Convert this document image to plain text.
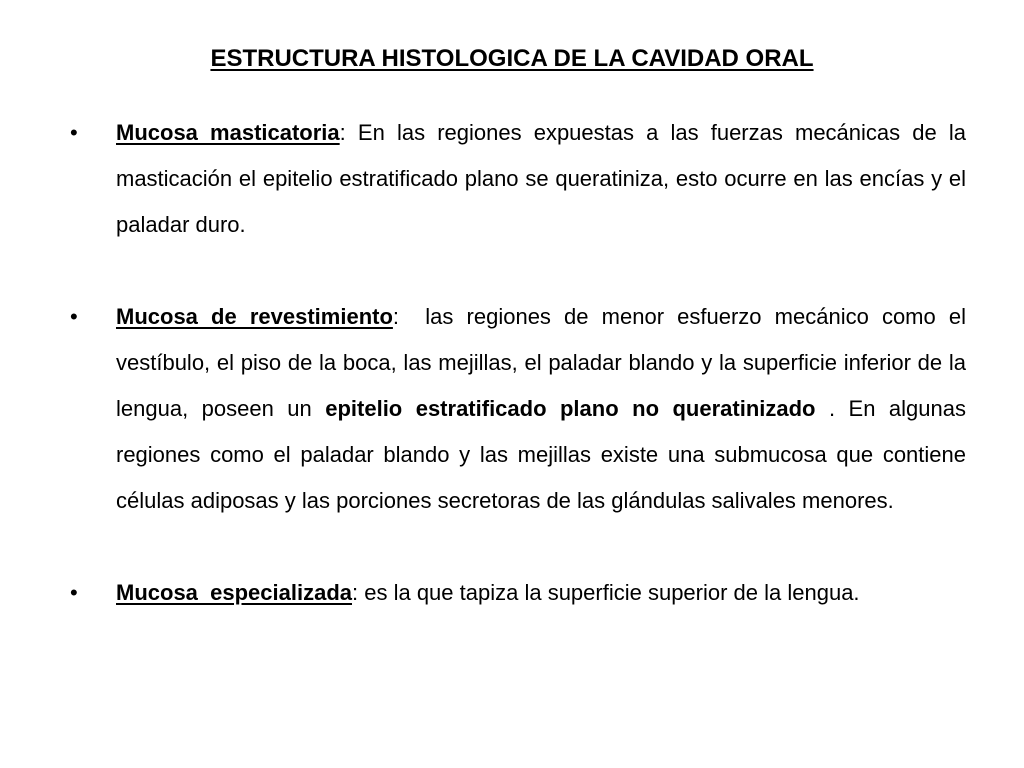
ESTRUCTURA HISTOLOGICA DE LA CAVIDAD ORAL
•	Mucosa masticatoria: En las regiones expuestas a las fuerzas mecánicas de la masticación el epitelio estratificado plano se queratiniza, esto ocurre en las encías y el paladar duro.
•	Mucosa de revestimiento:  las regiones de menor esfuerzo mecánico como el vestíbulo, el piso de la boca, las mejillas, el paladar blando y la superficie inferior de la lengua, poseen un epitelio estratificado plano no queratinizado . En algunas regiones como el paladar blando y las mejillas existe una submucosa que contiene células adiposas y las porciones secretoras de las glándulas salivales menores.
•	Mucosa  especializada: es la que tapiza la superficie superior de la lengua.
